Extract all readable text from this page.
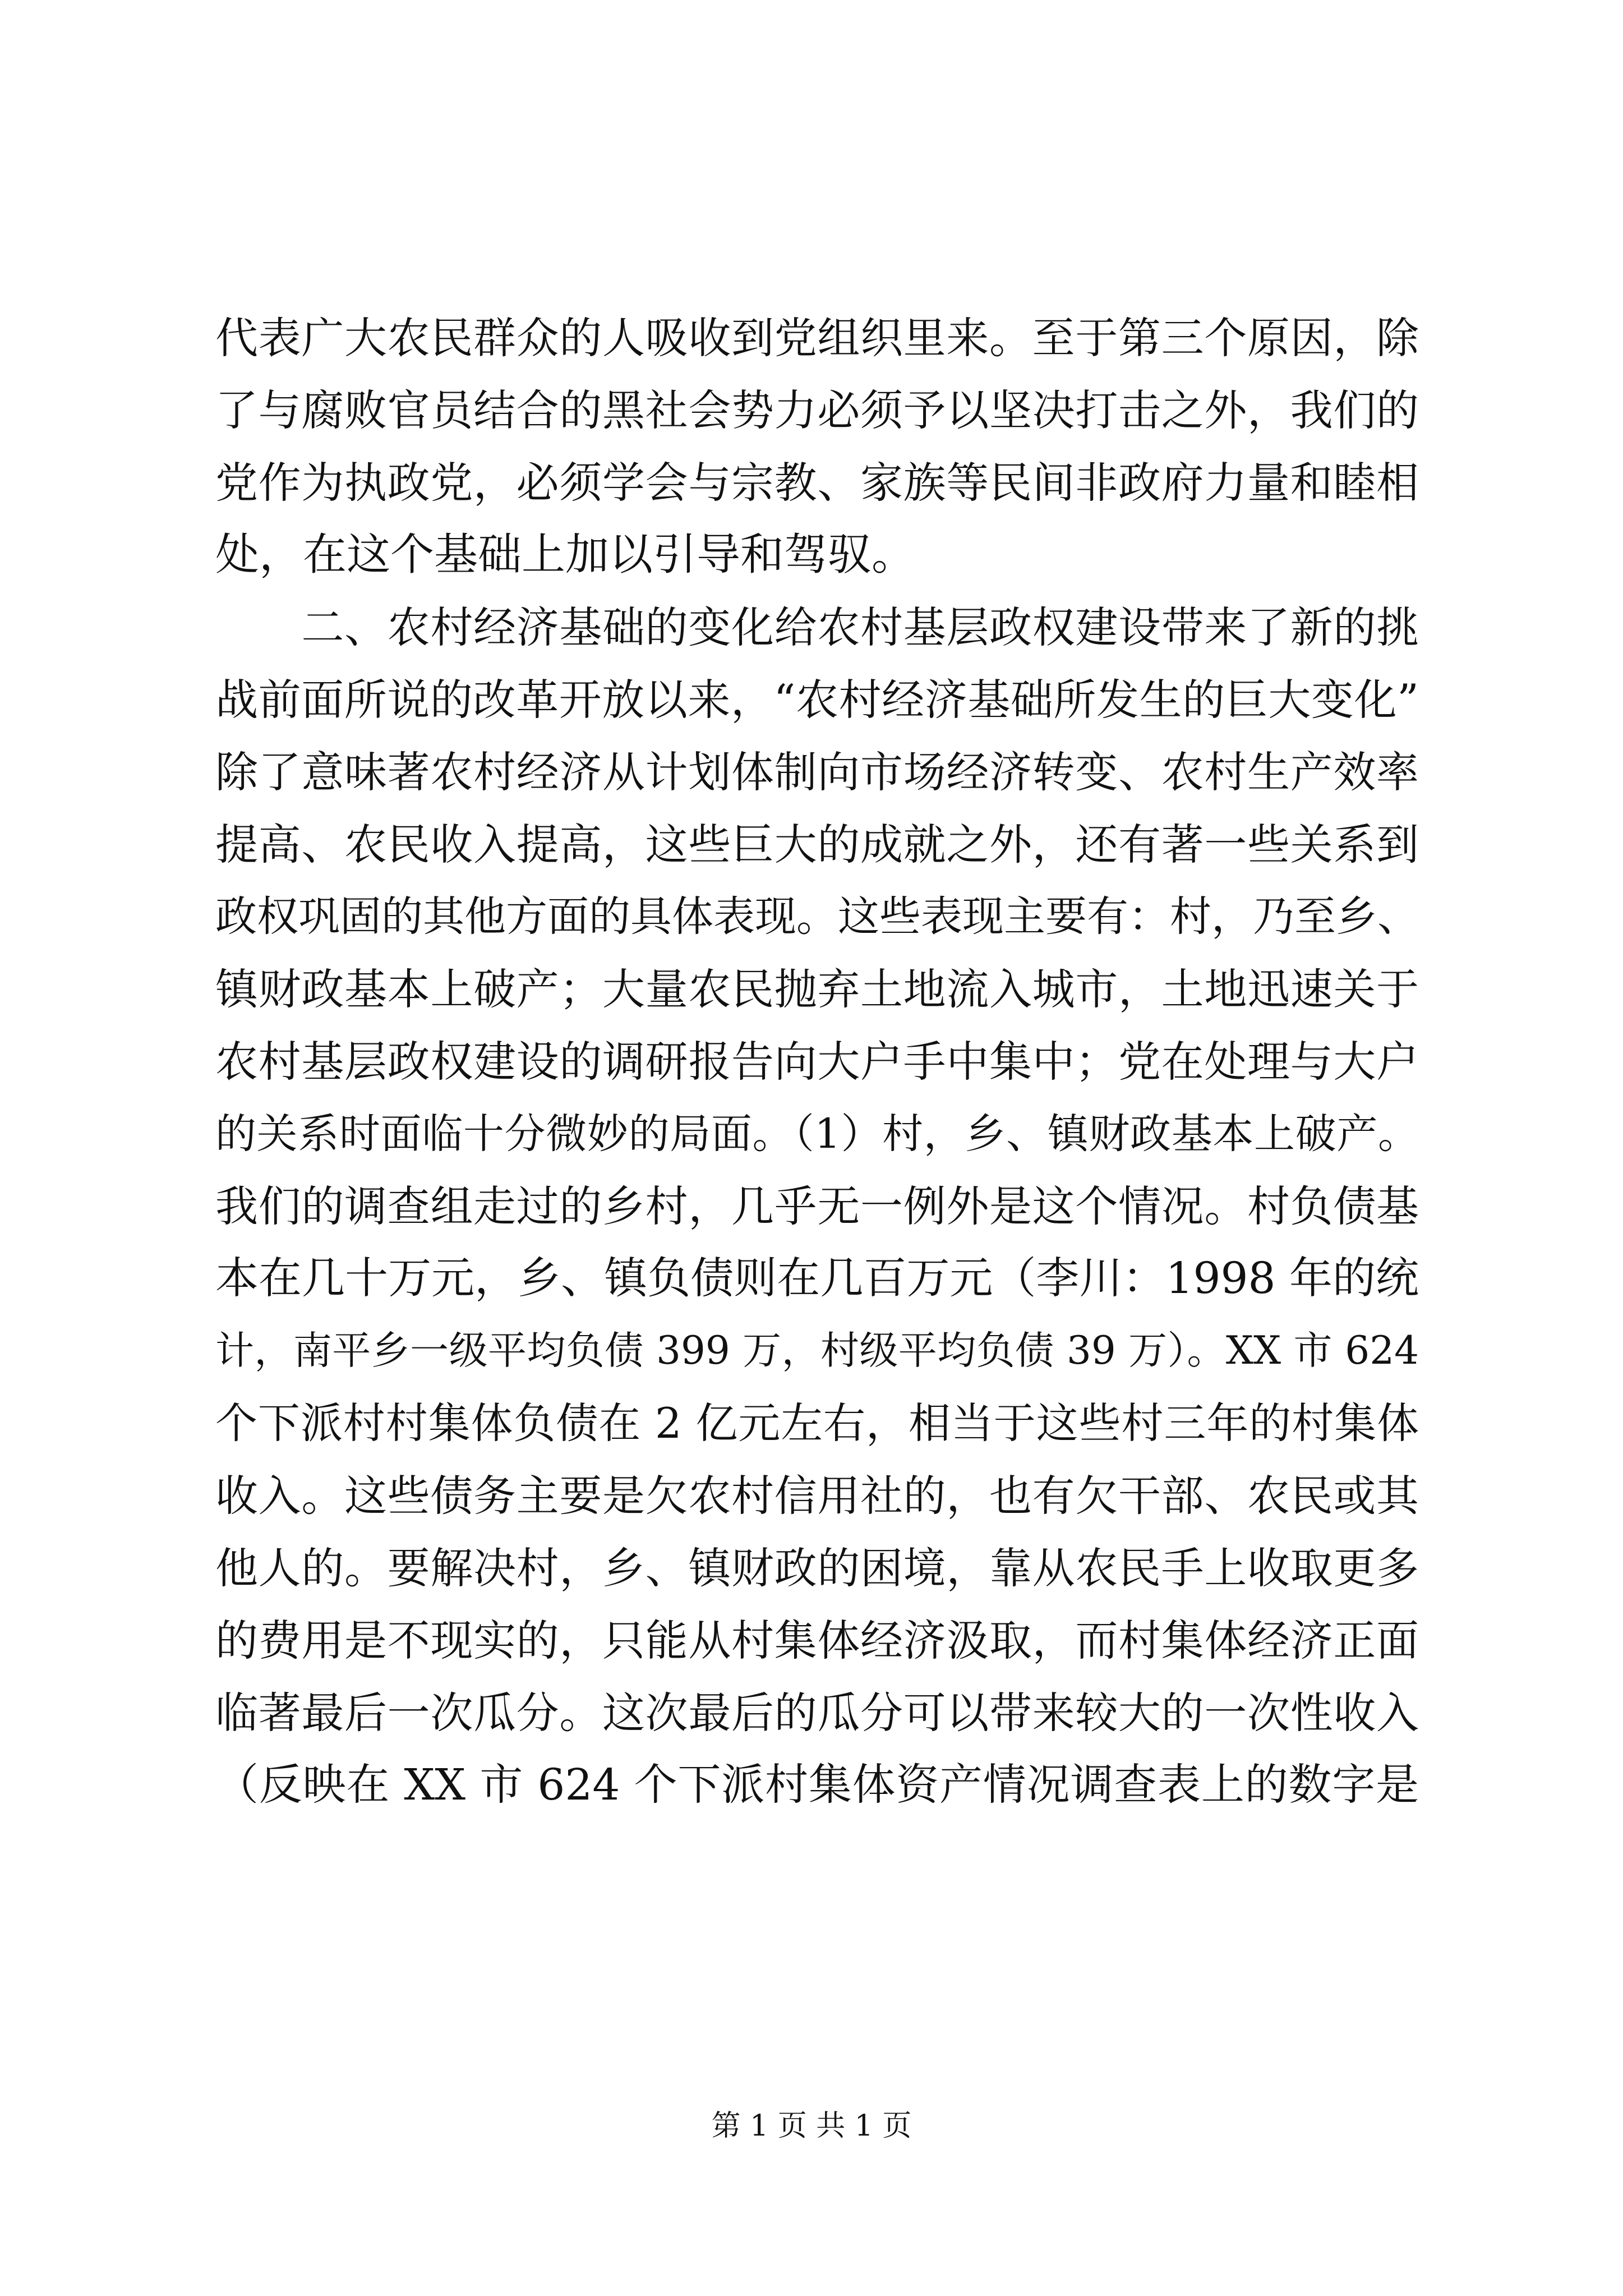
代表广大农民群众的人吸收到党组织里来。至于第三个原因，除
了与腐败官员结合的黑社会势力必须予以坚决打击之外，我们的
党作为执政党，必须学会与宗教、家族等民间非政府力量和睦相
处，在这个基础上加以引导和驾驭。
　　二、农村经济基础的变化给农村基层政权建设带来了新的挑
战前面所说的改革开放以来，“农村经济基础所发生的巨大变化”
除了意味著农村经济从计划体制向市场经济转变、农村生产效率
提高、农民收入提高，这些巨大的成就之外，还有著一些关系到
政权巩固的其他方面的具体表现。这些表现主要有：村，乃至乡、
镇财政基本上破产；大量农民抛弃土地流入城市，土地迅速关于
农村基层政权建设的调研报告向大户手中集中；党在处理与大户
的关系时面临十分微妙的局面。（1）村，乡、镇财政基本上破产。
我们的调查组走过的乡村，几乎无一例外是这个情况。村负债基
本在几十万元，乡、镇负债则在几百万元（李川：1998 年的统
计，南平乡一级平均负债 399 万，村级平均负债 39 万）。XX 市 624
个下派村村集体负债在 2 亿元左右，相当于这些村三年的村集体
收入。这些债务主要是欠农村信用社的，也有欠干部、农民或其
他人的。要解决村，乡、镇财政的困境，靠从农民手上收取更多
的费用是不现实的，只能从村集体经济汲取，而村集体经济正面
临著最后一次瓜分。这次最后的瓜分可以带来较大的一次性收入
（反映在 XX 市 624 个下派村集体资产情况调查表上的数字是
第 1 页 共 1 页
